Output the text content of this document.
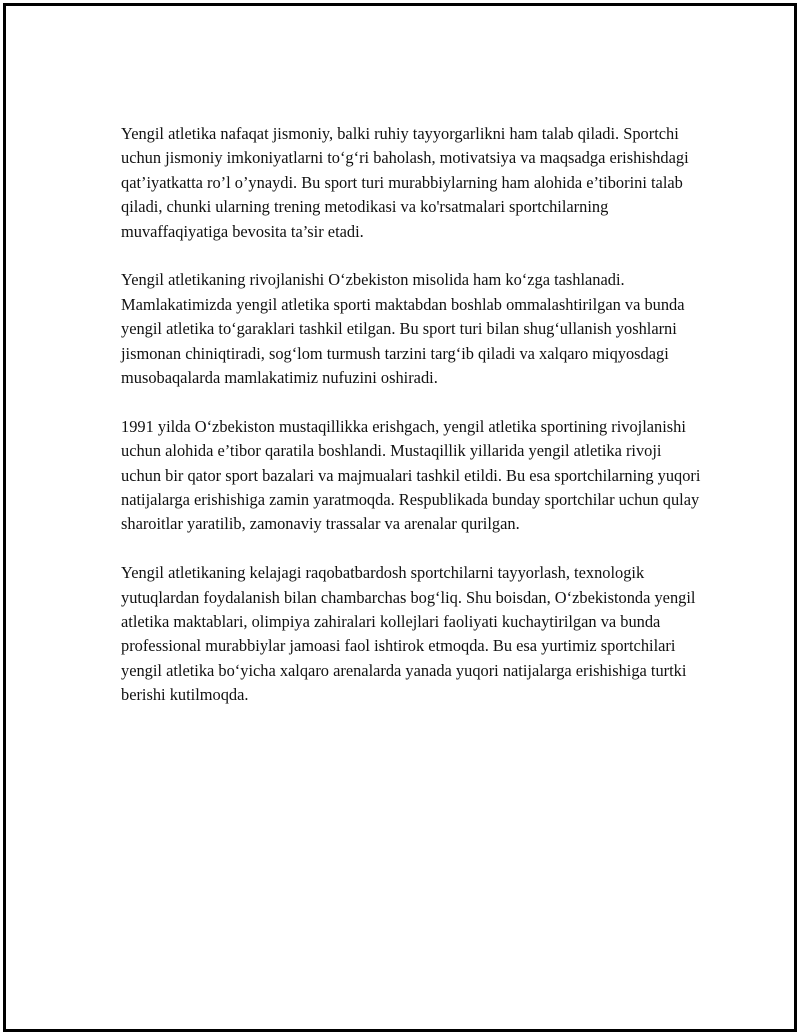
Yengil atletika nafaqat jismoniy, balki ruhiy tayyorgarlikni ham talab qiladi. Sportchi uchun jismoniy imkoniyatlarni to‘g‘ri baholash, motivatsiya va maqsadga erishishdagi qat’iyatkatta ro’l o’ynaydi. Bu sport turi murabbiylarning ham alohida e’tiborini talab qiladi, chunki ularning trening metodikasi va ko'rsatmalari sportchilarning muvaffaqiyatiga bevosita ta’sir etadi.

Yengil atletikaning rivojlanishi O‘zbekiston misolida ham ko‘zga tashlanadi. Mamlakatimizda yengil atletika sporti maktabdan boshlab ommalashtirilgan va bunda yengil atletika to‘garaklari tashkil etilgan. Bu sport turi bilan shug‘ullanish yoshlarni jismonan chiniqtiradi, sog‘lom turmush tarzini targ‘ib qiladi va xalqaro miqyosdagi musobaqalarda mamlakatimiz nufuzini oshiradi.

1991 yilda O‘zbekiston mustaqillikka erishgach, yengil atletika sportining rivojlanishi uchun alohida e’tibor qaratila boshlandi. Mustaqillik yillarida yengil atletika rivoji uchun bir qator sport bazalari va majmualari tashkil etildi. Bu esa sportchilarning yuqori natijalarga erishishiga zamin yaratmoqda. Respublikada bunday sportchilar uchun qulay sharoitlar yaratilib, zamonaviy trassalar va arenalar qurilgan.

Yengil atletikaning kelajagi raqobatbardosh sportchilarni tayyorlash, texnologik yutuqlardan foydalanish bilan chambarchas bog‘liq. Shu boisdan, O‘zbekistonda yengil atletika maktablari, olimpiya zahiralari kollejlari faoliyati kuchaytirilgan va bunda professional murabbiylar jamoasi faol ishtirok etmoqda. Bu esa yurtimiz sportchilari yengil atletika bo‘yicha xalqaro arenalarda yanada yuqori natijalarga erishishiga turtki berishi kutilmoqda.
